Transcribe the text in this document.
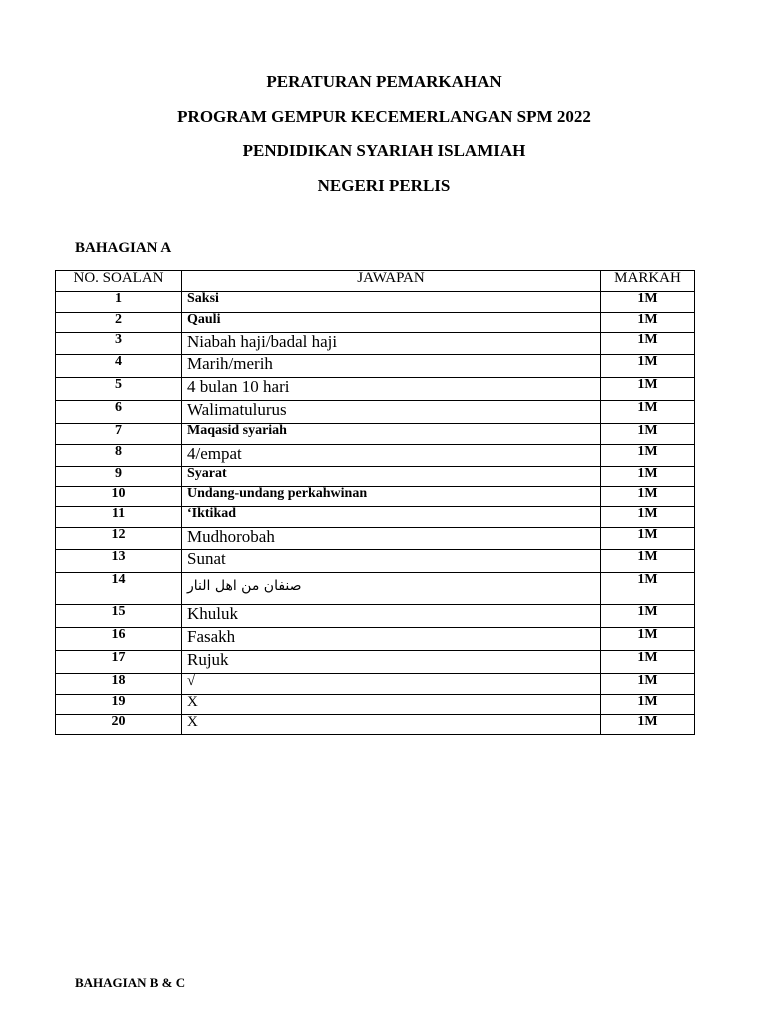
PERATURAN PEMARKAHAN
PROGRAM GEMPUR KECEMERLANGAN SPM 2022
PENDIDIKAN SYARIAH ISLAMIAH
NEGERI PERLIS

BAHAGIAN A

NO. SOALAN	JAWAPAN	MARKAH
1	Saksi	1M
2	Qauli	1M
3	Niabah haji/badal haji	1M
4	Marih/merih	1M
5	4 bulan 10 hari	1M
6	Walimatulurus	1M
7	Maqasid syariah	1M
8	4/empat	1M
9	Syarat	1M
10	Undang-undang perkahwinan	1M
11	‘Iktikad	1M
12	Mudhorobah	1M
13	Sunat	1M
14	صنفان من اهل النار	1M
15	Khuluk	1M
16	Fasakh	1M
17	Rujuk	1M
18	√	1M
19	X	1M
20	X	1M

BAHAGIAN B & C
